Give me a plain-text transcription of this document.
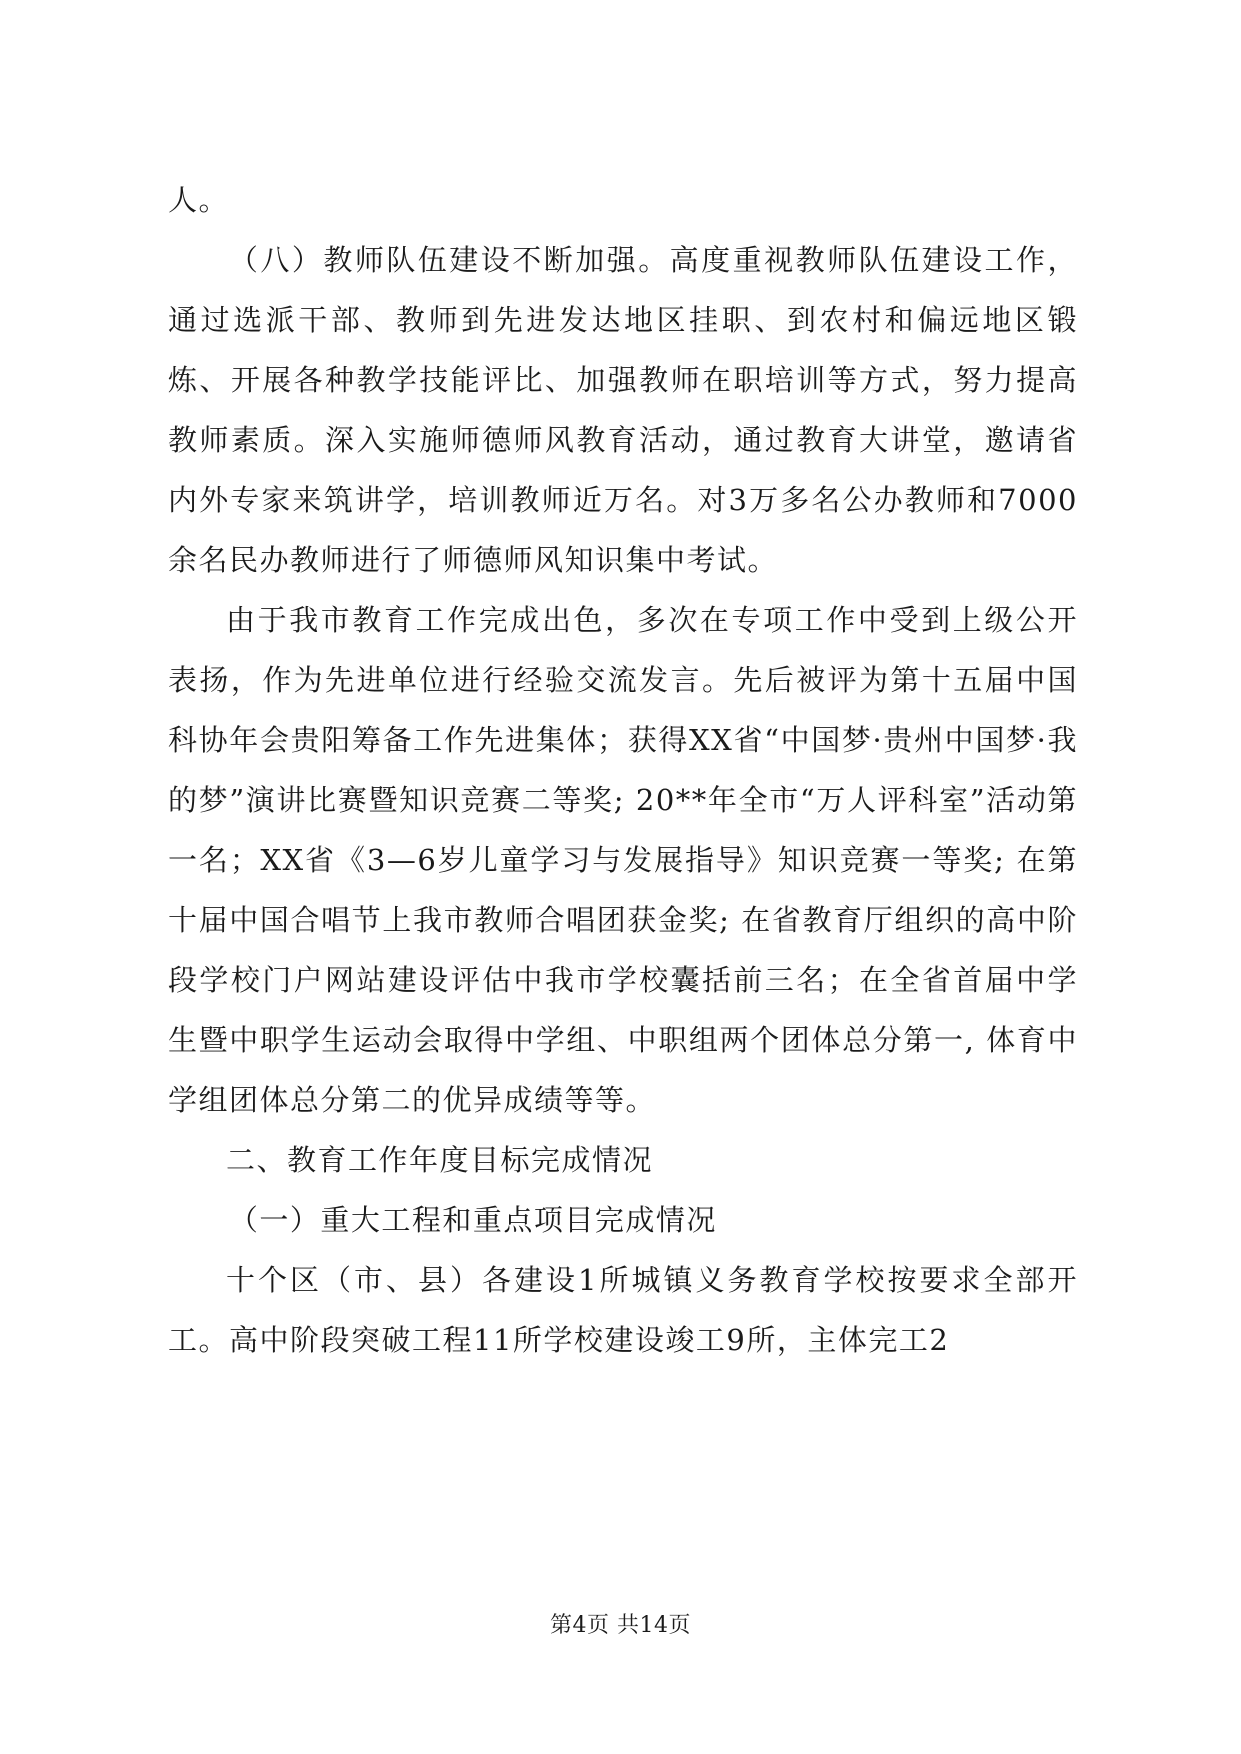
人。

（八）教师队伍建设不断加强。高度重视教师队伍建设工作，通过选派干部、教师到先进发达地区挂职、到农村和偏远地区锻炼、开展各种教学技能评比、加强教师在职培训等方式，努力提高教师素质。深入实施师德师风教育活动，通过教育大讲堂，邀请省内外专家来筑讲学，培训教师近万名。对3万多名公办教师和7000余名民办教师进行了师德师风知识集中考试。

由于我市教育工作完成出色，多次在专项工作中受到上级公开表扬，作为先进单位进行经验交流发言。先后被评为第十五届中国科协年会贵阳筹备工作先进集体；获得XX省“中国梦·贵州中国梦·我的梦”演讲比赛暨知识竞赛二等奖; 20**年全市“万人评科室”活动第一名；XX省《3—6岁儿童学习与发展指导》知识竞赛一等奖; 在第十届中国合唱节上我市教师合唱团获金奖; 在省教育厅组织的高中阶段学校门户网站建设评估中我市学校囊括前三名；在全省首届中学生暨中职学生运动会取得中学组、中职组两个团体总分第一, 体育中学组团体总分第二的优异成绩等等。

二、教育工作年度目标完成情况

（一）重大工程和重点项目完成情况

十个区（市、县）各建设1所城镇义务教育学校按要求全部开工。高中阶段突破工程11所学校建设竣工9所，主体完工2

第4页 共14页
